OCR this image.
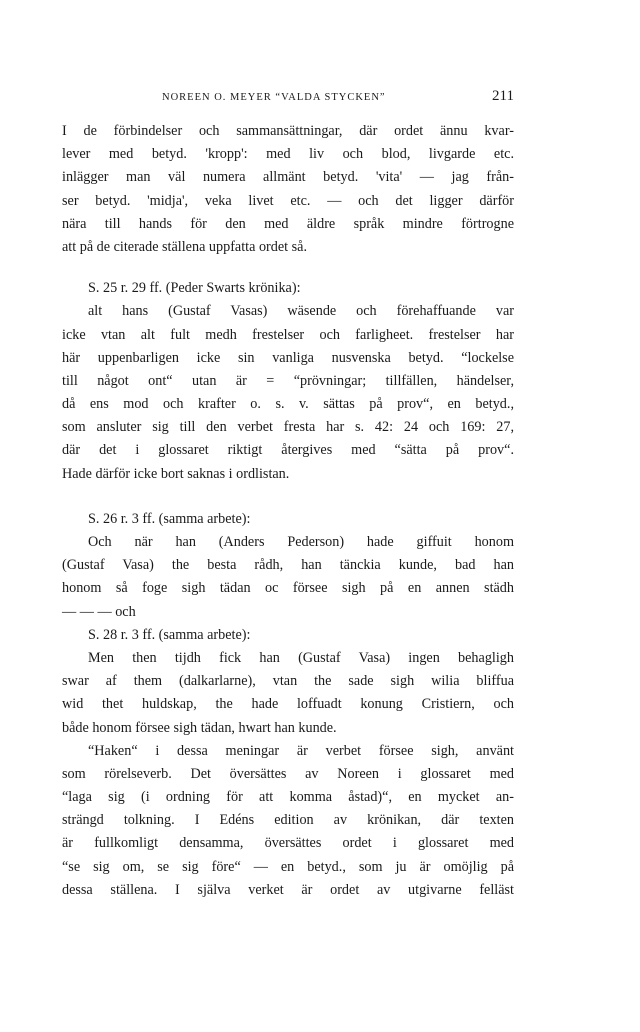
NOREEN O. MEYER “VALDA STYCKEN”	211
I de förbindelser och sammansättningar, där ordet ännu kvar-
lever med betyd. 'kropp': med liv och blod, livgarde etc.
inlägger man väl numera allmänt betyd. 'vita' — jag från-
ser betyd. 'midja', veka livet etc. — och det ligger därför
nära till hands för den med äldre språk mindre förtrogne
att på de citerade ställena uppfatta ordet så.
S. 25 r. 29 ff. (Peder Swarts krönika):
alt hans (Gustaf Vasas) wäsende och förehaffuande var
icke vtan alt fult medh frestelser och farligheet. frestelser har
här uppenbarligen icke sin vanliga nusvenska betyd. “lockelse
till något ont“ utan är = “prövningar; tillfällen, händelser,
då ens mod och krafter o. s. v. sättas på prov“, en betyd.,
som ansluter sig till den verbet fresta har s. 42: 24 och 169: 27,
där det i glossaret riktigt återgives med “sätta på prov“.
Hade därför icke bort saknas i ordlistan.
S. 26 r. 3 ff. (samma arbete):
Och när han (Anders Pederson) hade giffuit honom
(Gustaf Vasa) the besta rådh, han tänckia kunde, bad han
honom så foge sigh tädan oc försee sigh på en annen städh
— — — och
S. 28 r. 3 ff. (samma arbete):
Men then tijdh fick han (Gustaf Vasa) ingen behagligh
swar af them (dalkarlarne), vtan the sade sigh wilia bliffua
wid thet huldskap, the hade loffuadt konung Cristiern, och
både honom försee sigh tädan, hwart han kunde.
“Haken“ i dessa meningar är verbet försee sigh, använt
som rörelseverb. Det översättes av Noreen i glossaret med
“laga sig (i ordning för att komma åstad)“, en mycket an-
strängd tolkning. I Edéns edition av krönikan, där texten
är fullkomligt densamma, översättes ordet i glossaret med
“se sig om, se sig före“ — en betyd., som ju är omöjlig på
dessa ställena. I själva verket är ordet av utgivarne felläst
